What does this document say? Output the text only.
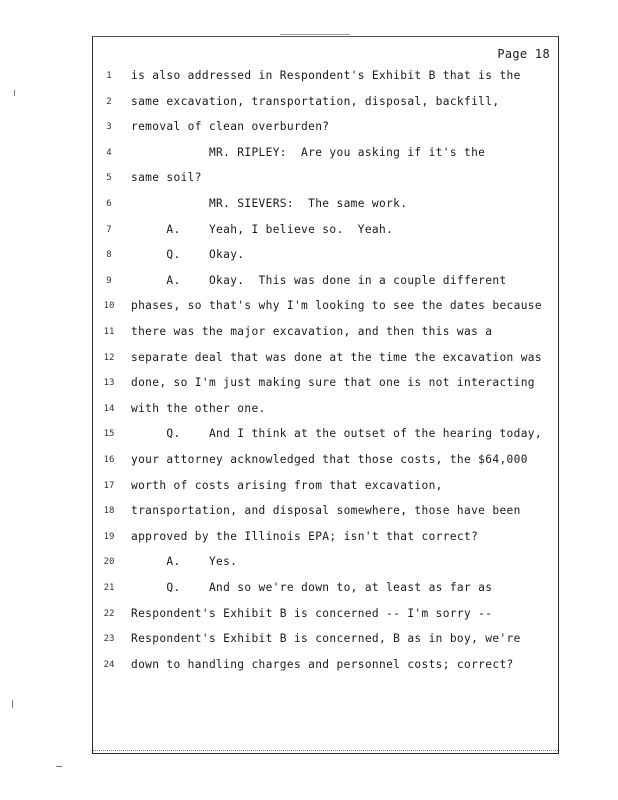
Page 18
1	is also addressed in Respondent's Exhibit B that is the
2	same excavation, transportation, disposal, backfill,
3	removal of clean overburden?
4	MR. RIPLEY:  Are you asking if it's the
5	same soil?
6	MR. SIEVERS:  The same work.
7	A.    Yeah, I believe so.  Yeah.
8	Q.    Okay.
9	A.    Okay.  This was done in a couple different
10 phases, so that's why I'm looking to see the dates because
11 there was the major excavation, and then this was a
12 separate deal that was done at the time the excavation was
13 done, so I'm just making sure that one is not interacting
14 with the other one.
15 Q.    And I think at the outset of the hearing today,
16 your attorney acknowledged that those costs, the $64,000
17 worth of costs arising from that excavation,
18 transportation, and disposal somewhere, those have been
19 approved by the Illinois EPA; isn't that correct?
20 A.    Yes.
21 Q.    And so we're down to, at least as far as
22 Respondent's Exhibit B is concerned -- I'm sorry --
23 Respondent's Exhibit B is concerned, B as in boy, we're
24 down to handling charges and personnel costs; correct?
